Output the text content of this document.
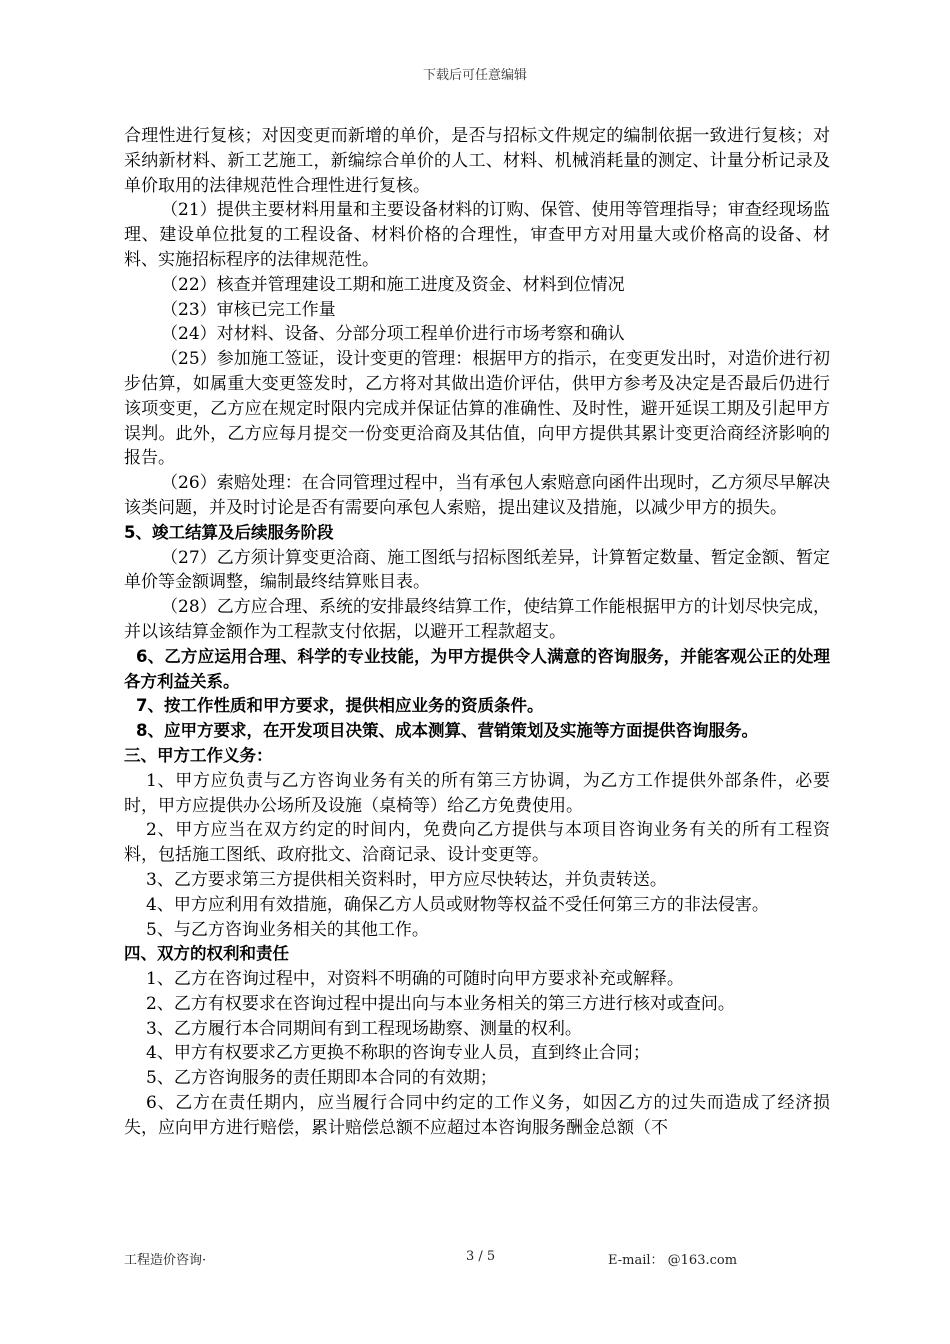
下载后可任意编辑

合理性进行复核；对因变更而新增的单价，是否与招标文件规定的编制依据一致进行复核；对采纳新材料、新工艺施工，新编综合单价的人工、材料、机械消耗量的测定、计量分析记录及单价取用的法律规范性合理性进行复核。

（21）提供主要材料用量和主要设备材料的订购、保管、使用等管理指导；审查经现场监理、建设单位批复的工程设备、材料价格的合理性，审查甲方对用量大或价格高的设备、材料、实施招标程序的法律规范性。

（22）核查并管理建设工期和施工进度及资金、材料到位情况

（23）审核已完工作量

（24）对材料、设备、分部分项工程单价进行市场考察和确认

（25）参加施工签证，设计变更的管理：根据甲方的指示，在变更发出时，对造价进行初步估算，如属重大变更签发时，乙方将对其做出造价评估，供甲方参考及决定是否最后仍进行该项变更，乙方应在规定时限内完成并保证估算的准确性、及时性，避开延误工期及引起甲方误判。此外，乙方应每月提交一份变更洽商及其估值，向甲方提供其累计变更洽商经济影响的报告。

（26）索赔处理：在合同管理过程中，当有承包人索赔意向函件出现时，乙方须尽早解决该类问题，并及时讨论是否有需要向承包人索赔，提出建议及措施，以减少甲方的损失。

5、竣工结算及后续服务阶段

（27）乙方须计算变更洽商、施工图纸与招标图纸差异，计算暂定数量、暂定金额、暂定单价等金额调整，编制最终结算账目表。

（28）乙方应合理、系统的安排最终结算工作，使结算工作能根据甲方的计划尽快完成，并以该结算金额作为工程款支付依据，以避开工程款超支。

6、乙方应运用合理、科学的专业技能，为甲方提供令人满意的咨询服务，并能客观公正的处理各方利益关系。

7、按工作性质和甲方要求，提供相应业务的资质条件。

8、应甲方要求，在开发项目决策、成本测算、营销策划及实施等方面提供咨询服务。

三、甲方工作义务：

1、甲方应负责与乙方咨询业务有关的所有第三方协调，为乙方工作提供外部条件，必要时，甲方应提供办公场所及设施（桌椅等）给乙方免费使用。

2、甲方应当在双方约定的时间内，免费向乙方提供与本项目咨询业务有关的所有工程资料，包括施工图纸、政府批文、洽商记录、设计变更等。

3、乙方要求第三方提供相关资料时，甲方应尽快转达，并负责转送。

4、甲方应利用有效措施，确保乙方人员或财物等权益不受任何第三方的非法侵害。

5、与乙方咨询业务相关的其他工作。

四、双方的权利和责任

1、乙方在咨询过程中，对资料不明确的可随时向甲方要求补充或解释。

2、乙方有权要求在咨询过程中提出向与本业务相关的第三方进行核对或查问。

3、乙方履行本合同期间有到工程现场勘察、测量的权利。

4、甲方有权要求乙方更换不称职的咨询专业人员，直到终止合同；

5、乙方咨询服务的责任期即本合同的有效期；

6、乙方在责任期内，应当履行合同中约定的工作义务，如因乙方的过失而造成了经济损失，应向甲方进行赔偿，累计赔偿总额不应超过本咨询服务酬金总额（不

工程造价咨询·	3 / 5	E-mail： @163.com
